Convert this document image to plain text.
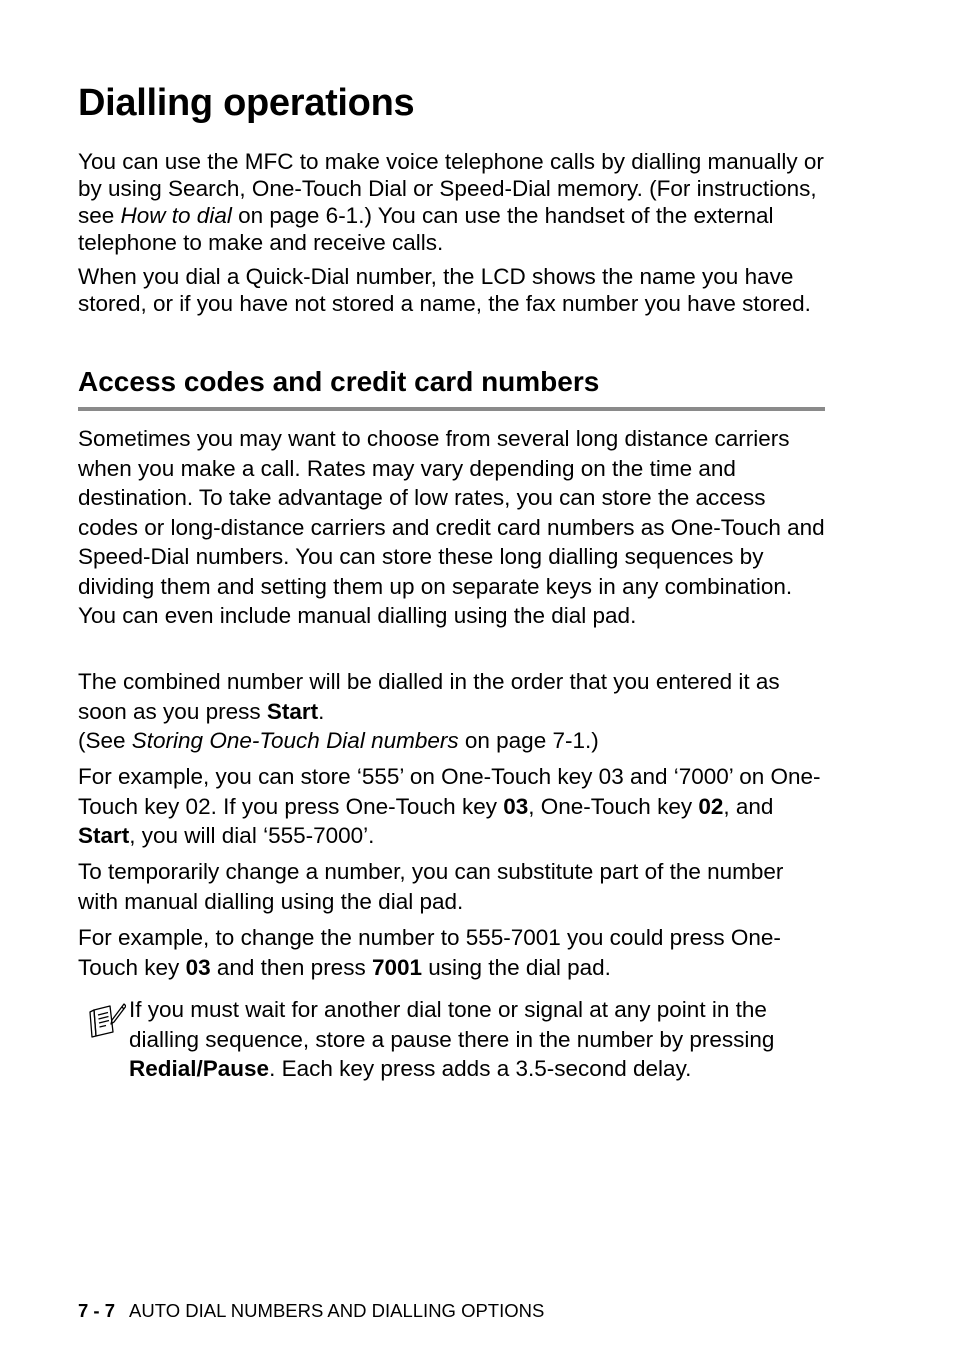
Dialling operations

You can use the MFC to make voice telephone calls by dialling manually or by using Search, One-Touch Dial or Speed-Dial memory. (For instructions, see How to dial on page 6-1.) You can use the handset of the external telephone to make and receive calls.

When you dial a Quick-Dial number, the LCD shows the name you have stored, or if you have not stored a name, the fax number you have stored.

Access codes and credit card numbers

Sometimes you may want to choose from several long distance carriers when you make a call. Rates may vary depending on the time and destination. To take advantage of low rates, you can store the access codes or long-distance carriers and credit card numbers as One-Touch and Speed-Dial numbers. You can store these long dialling sequences by dividing them and setting them up on separate keys in any combination. You can even include manual dialling using the dial pad.

The combined number will be dialled in the order that you entered it as soon as you press Start.
(See Storing One-Touch Dial numbers on page 7-1.)

For example, you can store ‘555’ on One-Touch key 03 and ‘7000’ on One-Touch key 02. If you press One-Touch key 03, One-Touch key 02, and Start, you will dial ‘555-7000’.

To temporarily change a number, you can substitute part of the number with manual dialling using the dial pad.

For example, to change the number to 555-7001 you could press One-Touch key 03 and then press 7001 using the dial pad.

If you must wait for another dial tone or signal at any point in the dialling sequence, store a pause there in the number by pressing Redial/Pause. Each key press adds a 3.5-second delay.

7 - 7 AUTO DIAL NUMBERS AND DIALLING OPTIONS
